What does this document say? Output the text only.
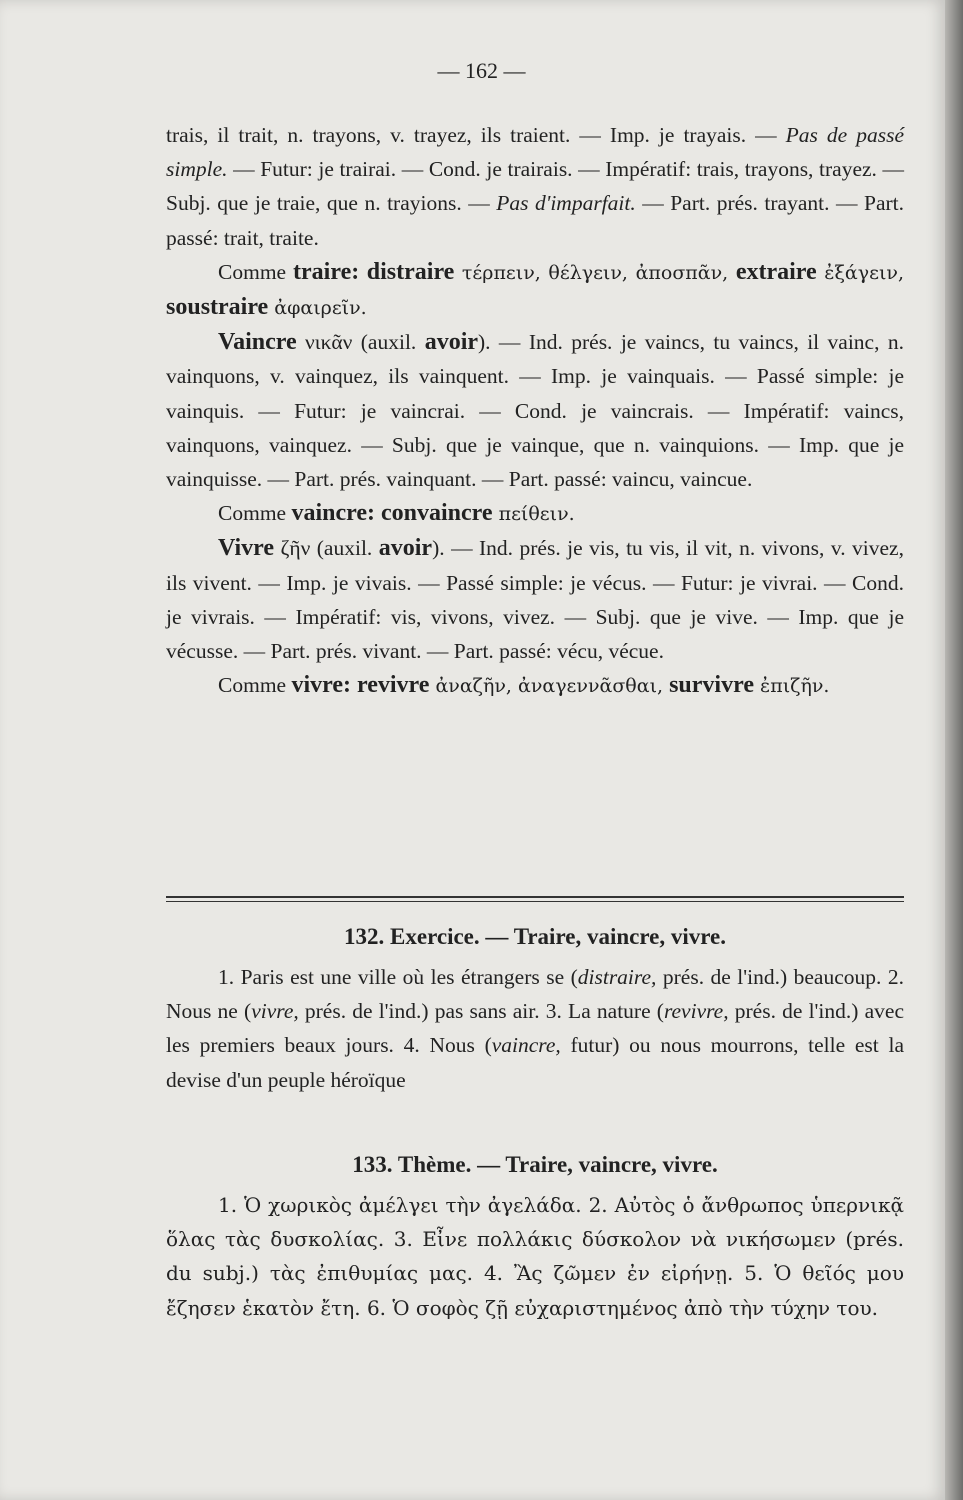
— 162 —

trais, il trait, n. trayons, v. trayez, ils traient. — Imp. je trayais. — Pas de passé simple. — Futur: je trairai. — Cond. je trairais. — Impératif: trais, trayons, trayez. — Subj. que je traie, que n. trayions. — Pas d'imparfait. — Part. prés. trayant. — Part. passé: trait, traite.

Comme traire: distraire τέρπειν, θέλγειν, ἀποσπᾶν, extraire ἐξάγειν, soustraire ἀφαιρεῖν.

Vaincre νικᾶν (auxil. avoir). — Ind. prés. je vaincs, tu vaincs, il vainc, n. vainquons, v. vainquez, ils vainquent. — Imp. je vainquais. — Passé simple: je vainquis. — Futur: je vaincrai. — Cond. je vaincrais. — Impératif: vaincs, vainquons, vainquez. — Subj. que je vainque, que n. vainquions. — Imp. que je vainquisse. — Part. prés. vainquant. — Part. passé: vaincu, vaincue.

Comme vaincre: convaincre πείθειν.

Vivre ζῆν (auxil. avoir). — Ind. prés. je vis, tu vis, il vit, n. vivons, v. vivez, ils vivent. — Imp. je vivais. — Passé simple: je vécus. — Futur: je vivrai. — Cond. je vivrais. — Impératif: vis, vivons, vivez. — Subj. que je vive. — Imp. que je vécusse. — Part. prés. vivant. — Part. passé: vécu, vécue.

Comme vivre: revivre ἀναζῆν, ἀναγεννᾶσθαι, survivre ἐπιζῆν.

132. Exercice. — Traire, vaincre, vivre.

1. Paris est une ville où les étrangers se (distraire, prés. de l'ind.) beaucoup. 2. Nous ne (vivre, prés. de l'ind.) pas sans air. 3. La nature (revivre, prés. de l'ind.) avec les premiers beaux jours. 4. Nous (vaincre, futur) ou nous mourrons, telle est la devise d'un peuple héroïque

133. Thème. — Traire, vaincre, vivre.

1. Ὁ χωρικὸς ἀμέλγει τὴν ἀγελάδα. 2. Αὐτὸς ὁ ἄνθρωπος ὑπερνικᾷ ὅλας τὰς δυσκολίας. 3. Εἶνε πολλάκις δύσκολον νὰ νικήσωμεν (prés. du subj.) τὰς ἐπιθυμίας μας. 4. Ἂς ζῶμεν ἐν εἰρήνῃ. 5. Ὁ θεῖός μου ἔζησεν ἑκατὸν ἔτη. 6. Ὁ σοφὸς ζῇ εὐχαριστημένος ἀπὸ τὴν τύχην του.
